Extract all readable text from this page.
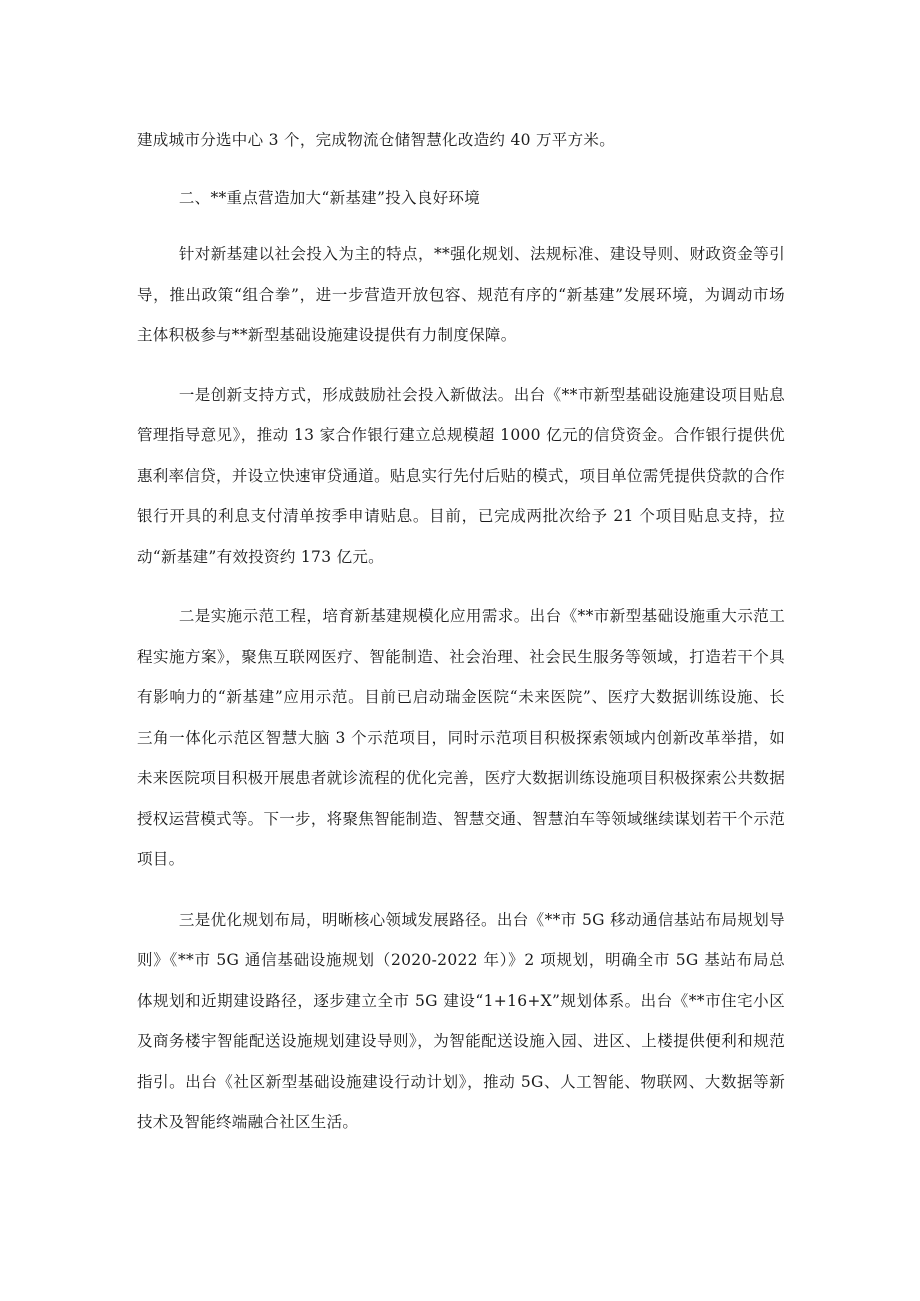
建成城市分选中心 3 个，完成物流仓储智慧化改造约 40 万平方米。

二、**重点营造加大“新基建”投入良好环境

针对新基建以社会投入为主的特点，**强化规划、法规标准、建设导则、财政资金等引导，推出政策“组合拳”，进一步营造开放包容、规范有序的“新基建”发展环境，为调动市场主体积极参与**新型基础设施建设提供有力制度保障。

一是创新支持方式，形成鼓励社会投入新做法。出台《**市新型基础设施建设项目贴息管理指导意见》，推动 13 家合作银行建立总规模超 1000 亿元的信贷资金。合作银行提供优惠利率信贷，并设立快速审贷通道。贴息实行先付后贴的模式，项目单位需凭提供贷款的合作银行开具的利息支付清单按季申请贴息。目前，已完成两批次给予 21 个项目贴息支持，拉动“新基建”有效投资约 173 亿元。

二是实施示范工程，培育新基建规模化应用需求。出台《**市新型基础设施重大示范工程实施方案》，聚焦互联网医疗、智能制造、社会治理、社会民生服务等领域，打造若干个具有影响力的“新基建”应用示范。目前已启动瑞金医院“未来医院”、医疗大数据训练设施、长三角一体化示范区智慧大脑 3 个示范项目，同时示范项目积极探索领域内创新改革举措，如未来医院项目积极开展患者就诊流程的优化完善，医疗大数据训练设施项目积极探索公共数据授权运营模式等。下一步，将聚焦智能制造、智慧交通、智慧泊车等领域继续谋划若干个示范项目。

三是优化规划布局，明晰核心领域发展路径。出台《**市 5G 移动通信基站布局规划导则》《**市 5G 通信基础设施规划（2020-2022 年）》2 项规划，明确全市 5G 基站布局总体规划和近期建设路径，逐步建立全市 5G 建设“1+16+X”规划体系。出台《**市住宅小区及商务楼宇智能配送设施规划建设导则》，为智能配送设施入园、进区、上楼提供便利和规范指引。出台《社区新型基础设施建设行动计划》，推动 5G、人工智能、物联网、大数据等新技术及智能终端融合社区生活。
